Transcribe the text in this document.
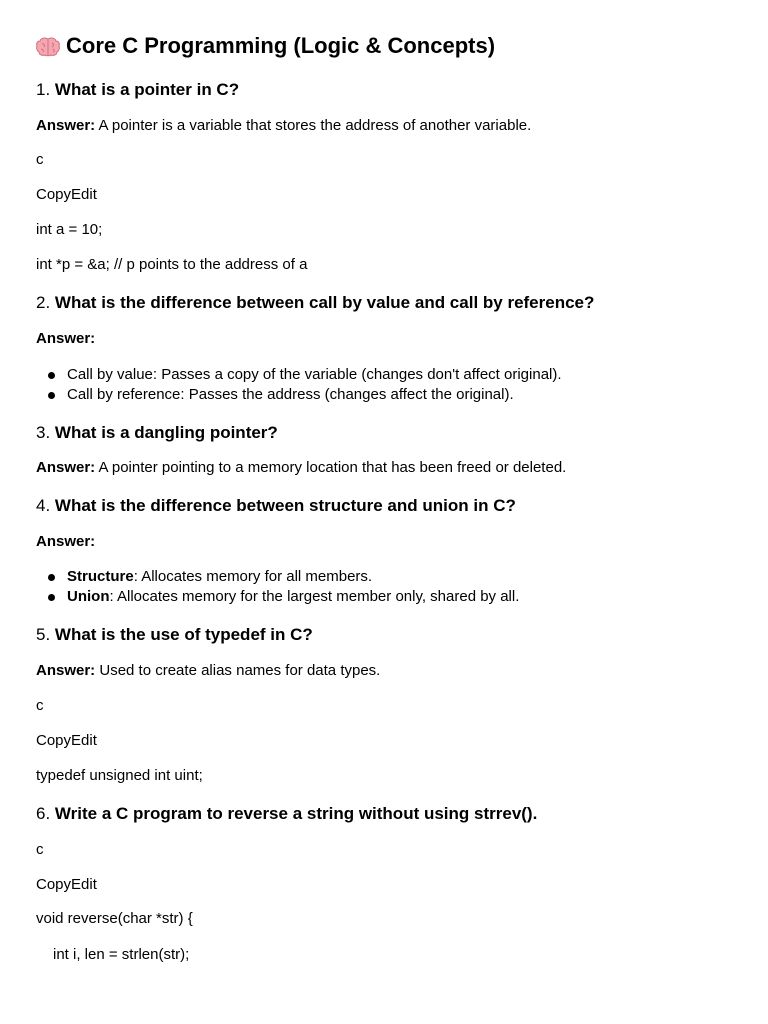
Core C Programming (Logic & Concepts)
1. What is a pointer in C?
Answer: A pointer is a variable that stores the address of another variable.
c
CopyEdit
int a = 10;
int *p = &a; // p points to the address of a
2. What is the difference between call by value and call by reference?
Answer:
Call by value: Passes a copy of the variable (changes don't affect original).
Call by reference: Passes the address (changes affect the original).
3. What is a dangling pointer?
Answer: A pointer pointing to a memory location that has been freed or deleted.
4. What is the difference between structure and union in C?
Answer:
Structure: Allocates memory for all members.
Union: Allocates memory for the largest member only, shared by all.
5. What is the use of typedef in C?
Answer: Used to create alias names for data types.
c
CopyEdit
typedef unsigned int uint;
6. Write a C program to reverse a string without using strrev().
c
CopyEdit
void reverse(char *str) {
int i, len = strlen(str);
